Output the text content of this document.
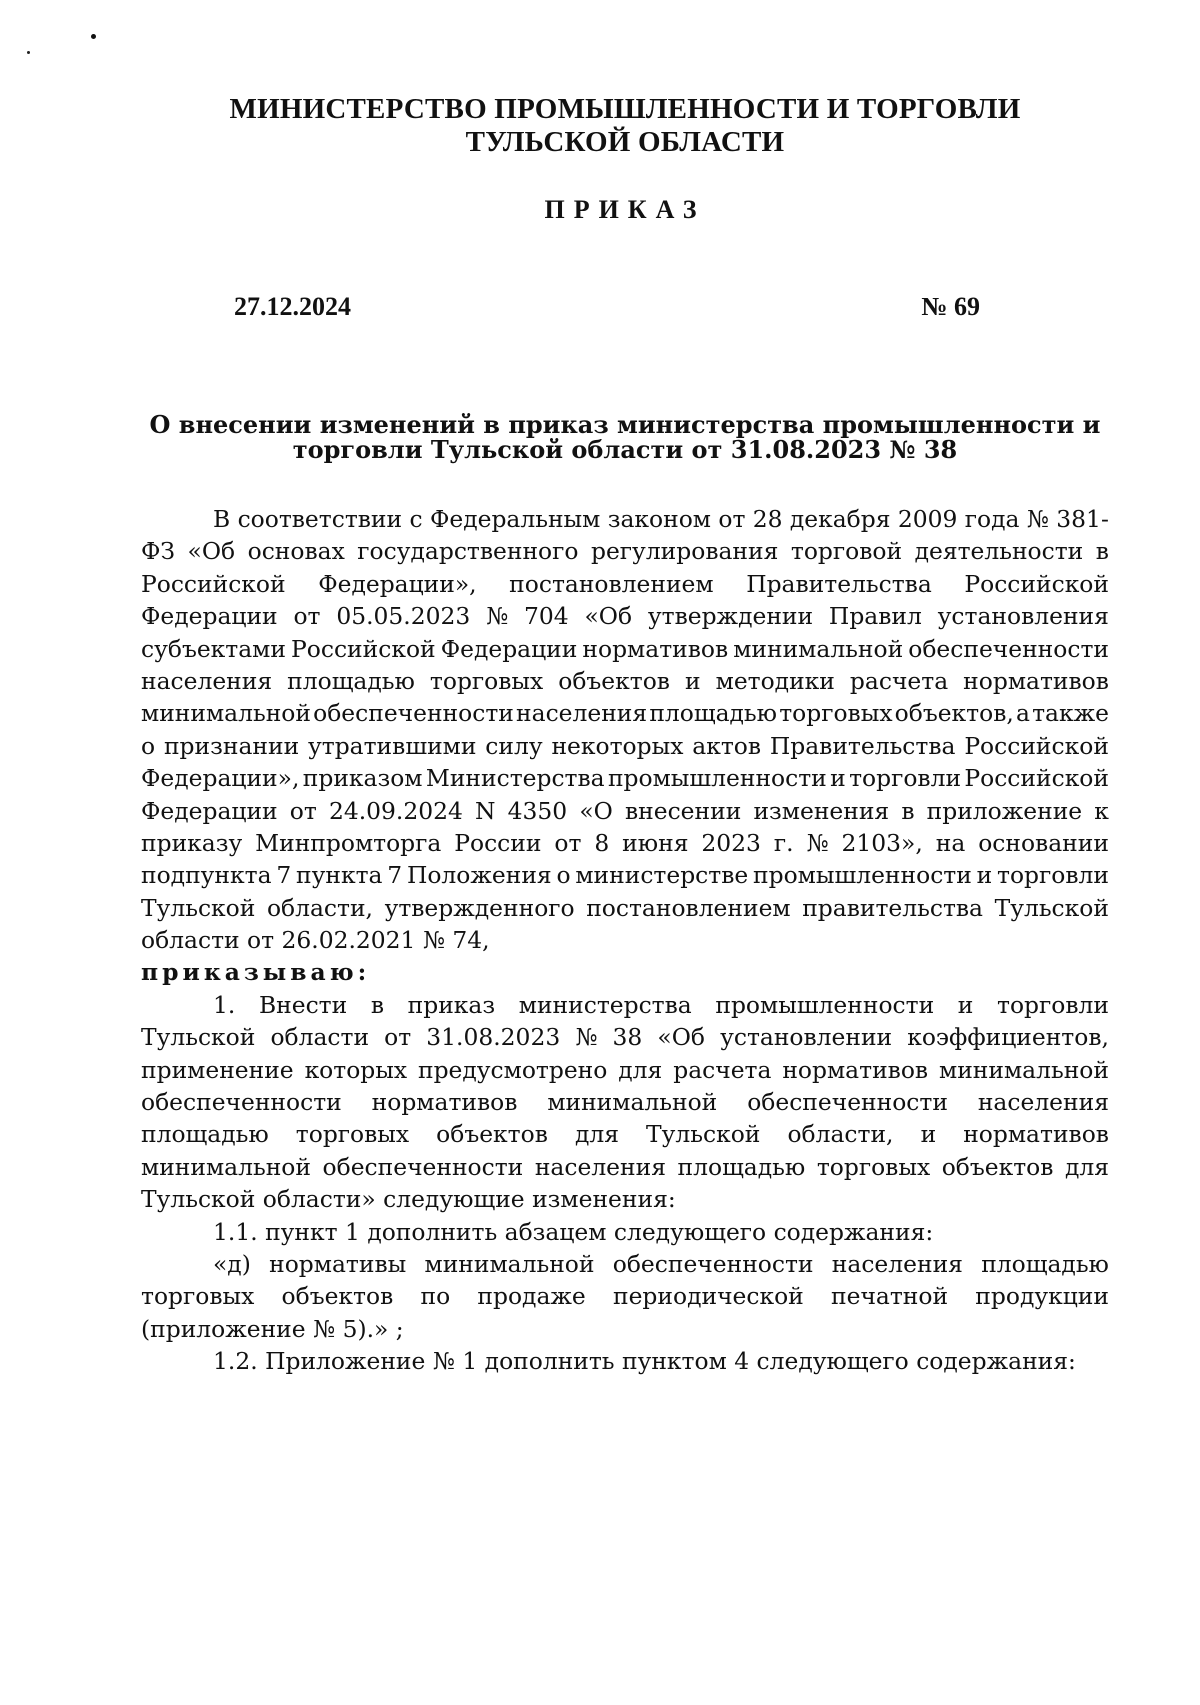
МИНИСТЕРСТВО ПРОМЫШЛЕННОСТИ И ТОРГОВЛИ
ТУЛЬСКОЙ ОБЛАСТИ
ПРИКАЗ
27.12.2024	№ 69
О внесении изменений в приказ министерства промышленности и
торговли Тульской области от 31.08.2023 № 38
В соответствии с Федеральным законом от 28 декабря 2009 года № 381-
ФЗ «Об основах государственного регулирования торговой деятельности в
Российской Федерации», постановлением Правительства Российской
Федерации от 05.05.2023 № 704 «Об утверждении Правил установления
субъектами Российской Федерации нормативов минимальной обеспеченности
населения площадью торговых объектов и методики расчета нормативов
минимальной обеспеченности населения площадью торговых объектов, а также
о признании утратившими силу некоторых актов Правительства Российской
Федерации», приказом Министерства промышленности и торговли Российской
Федерации от 24.09.2024 N 4350 «О внесении изменения в приложение к
приказу Минпромторга России от 8 июня 2023 г. № 2103», на основании
подпункта 7 пункта 7 Положения о министерстве промышленности и торговли
Тульской области, утвержденного постановлением правительства Тульской
области от 26.02.2021 № 74,
приказываю:
1. Внести в приказ министерства промышленности и торговли
Тульской области от 31.08.2023 № 38 «Об установлении коэффициентов,
применение которых предусмотрено для расчета нормативов минимальной
обеспеченности нормативов минимальной обеспеченности населения
площадью торговых объектов для Тульской области, и нормативов
минимальной обеспеченности населения площадью торговых объектов для
Тульской области» следующие изменения:
1.1. пункт 1 дополнить абзацем следующего содержания:
«д) нормативы минимальной обеспеченности населения площадью
торговых объектов по продаже периодической печатной продукции
(приложение № 5).» ;
1.2. Приложение № 1 дополнить пунктом 4 следующего содержания:
